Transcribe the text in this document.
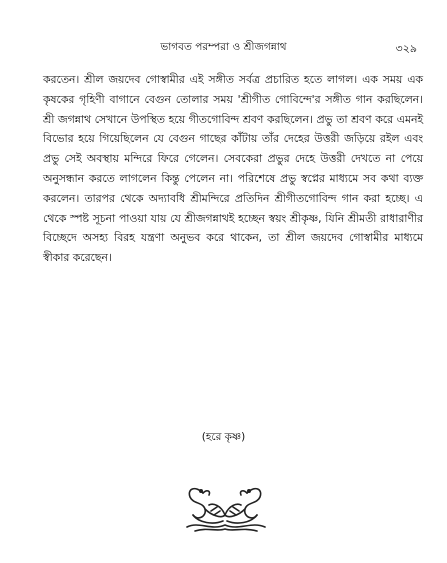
ভাগবত পরম্পরা ও শ্রীজগন্নাথ	৩২৯

করতেন। শ্রীল জয়দেব গোস্বামীর এই সঙ্গীত সর্বত্র প্রচারিত হতে লাগল। এক সময় এক কৃষকের গৃহিণী বাগানে বেগুন তোলার সময় 'শ্রীগীত গোবিন্দে'র সঙ্গীত গান করছিলেন। শ্রী জগন্নাথ সেখানে উপস্থিত হয়ে গীতগোবিন্দ শ্রবণ করছিলেন। প্রভু তা শ্রবণ করে এমনই বিভোর হয়ে গিয়েছিলেন যে বেগুন গাছের কাঁটায় তাঁর দেহের উত্তরী জড়িয়ে রইল এবং প্রভু সেই অবস্থায় মন্দিরে ফিরে গেলেন। সেবকেরা প্রভুর দেহে উত্তরী দেখতে না পেয়ে অনুসন্ধান করতে লাগলেন কিন্তু পেলেন না। পরিশেষে প্রভু স্বপ্নের মাধ্যমে সব কথা ব্যক্ত করলেন। তারপর থেকে অদ্যাবধি শ্রীমন্দিরে প্রতিদিন শ্রীগীতগোবিন্দ গান করা হচ্ছে। এ থেকে স্পষ্ট সূচনা পাওয়া যায় যে শ্রীজগন্নাথই হচ্ছেন স্বয়ং শ্রীকৃষ্ণ, যিনি শ্রীমতী রাধারাণীর বিচ্ছেদে অসহ্য বিরহ যন্ত্রণা অনুভব করে থাকেন, তা শ্রীল জয়দেব গোস্বামীর মাধ্যমে স্বীকার করেছেন।

(হরে কৃষ্ণ)
